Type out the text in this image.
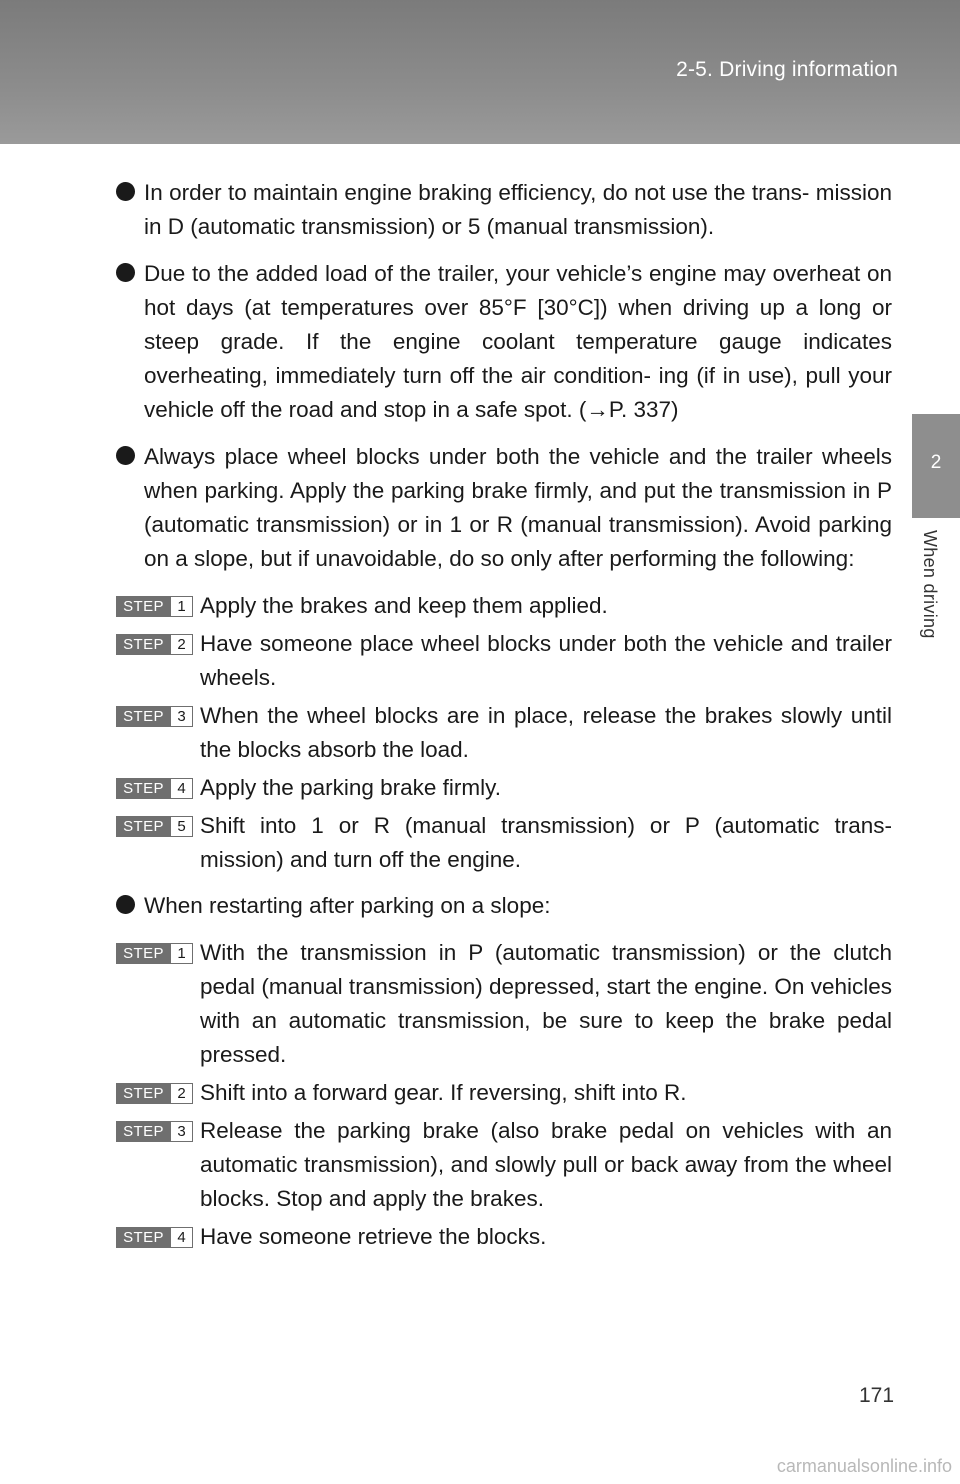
2-5. Driving information
2
When driving
In order to maintain engine braking efficiency, do not use the trans- mission in D (automatic transmission) or 5 (manual transmission).
Due to the added load of the trailer, your vehicle’s engine may overheat on hot days (at temperatures over 85°F [30°C]) when driving up a long or steep grade. If the engine coolant temperature gauge indicates overheating, immediately turn off the air condition- ing (if in use), pull your vehicle off the road and stop in a safe spot. (→P. 337)
Always place wheel blocks under both the vehicle and the trailer wheels when parking. Apply the parking brake firmly, and put the transmission in P (automatic transmission) or in 1 or R (manual transmission). Avoid parking on a slope, but if unavoidable, do so only after performing the following:
STEP 1 Apply the brakes and keep them applied.
STEP 2 Have someone place wheel blocks under both the vehicle and trailer wheels.
STEP 3 When the wheel blocks are in place, release the brakes slowly until the blocks absorb the load.
STEP 4 Apply the parking brake firmly.
STEP 5 Shift into 1 or R (manual transmission) or P (automatic trans- mission) and turn off the engine.
When restarting after parking on a slope:
STEP 1 With the transmission in P (automatic transmission) or the clutch pedal (manual transmission) depressed, start the engine. On vehicles with an automatic transmission, be sure to keep the brake pedal pressed.
STEP 2 Shift into a forward gear. If reversing, shift into R.
STEP 3 Release the parking brake (also brake pedal on vehicles with an automatic transmission), and slowly pull or back away from the wheel blocks. Stop and apply the brakes.
STEP 4 Have someone retrieve the blocks.
171
carmanualsonline.info
